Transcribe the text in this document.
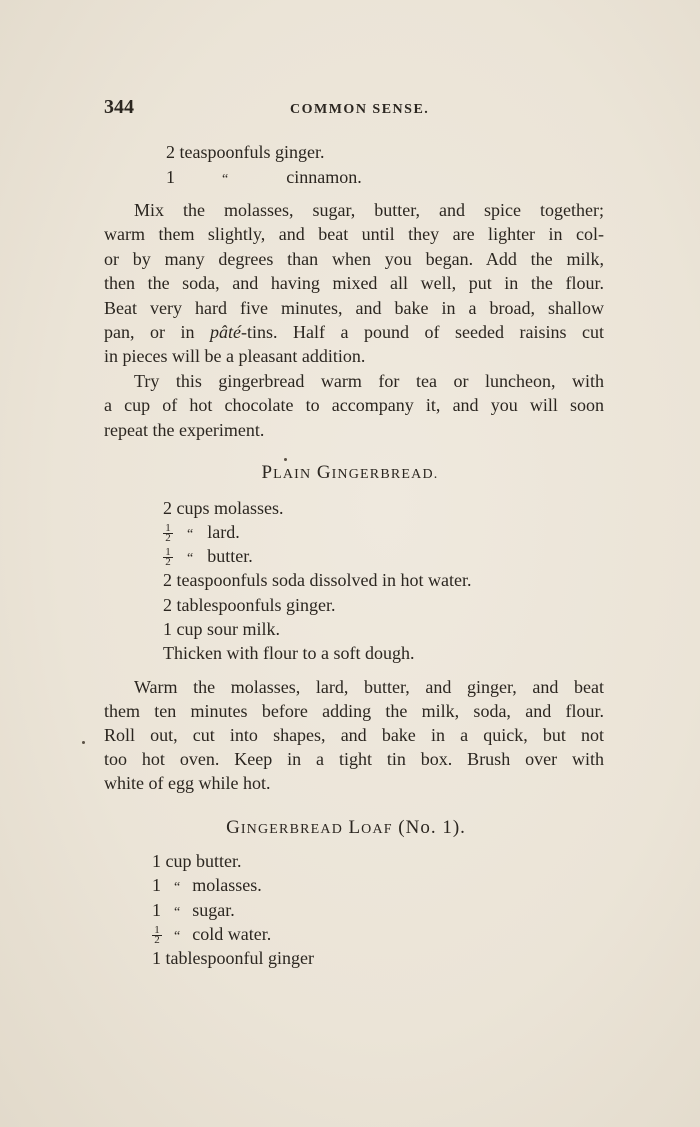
344	COMMON SENSE.
2 teaspoonfuls ginger.
1	“	cinnamon.
Mix the molasses, sugar, butter, and spice together;
warm them slightly, and beat until they are lighter in col-
or by many degrees than when you began. Add the milk,
then the soda, and having mixed all well, put in the flour.
Beat very hard five minutes, and bake in a broad, shallow
pan, or in pâté-tins. Half a pound of seeded raisins cut
in pieces will be a pleasant addition.
Try this gingerbread warm for tea or luncheon, with
a cup of hot chocolate to accompany it, and you will soon
repeat the experiment.
PLAIN GINGERBREAD.
2 cups molasses.
$\frac{1}{2}$ “ lard.
$\frac{1}{2}$ “ butter.
2 teaspoonfuls soda dissolved in hot water.
2 tablespoonfuls ginger.
1 cup sour milk.
Thicken with flour to a soft dough.
Warm the molasses, lard, butter, and ginger, and beat
them ten minutes before adding the milk, soda, and flour.
Roll out, cut into shapes, and bake in a quick, but not
too hot oven. Keep in a tight tin box. Brush over with
white of egg while hot.
GINGERBREAD LOAF (No. 1).
1 cup butter.
1 “ molasses.
1 “ sugar.
$\frac{1}{2}$ “ cold water.
1 tablespoonful ginger
